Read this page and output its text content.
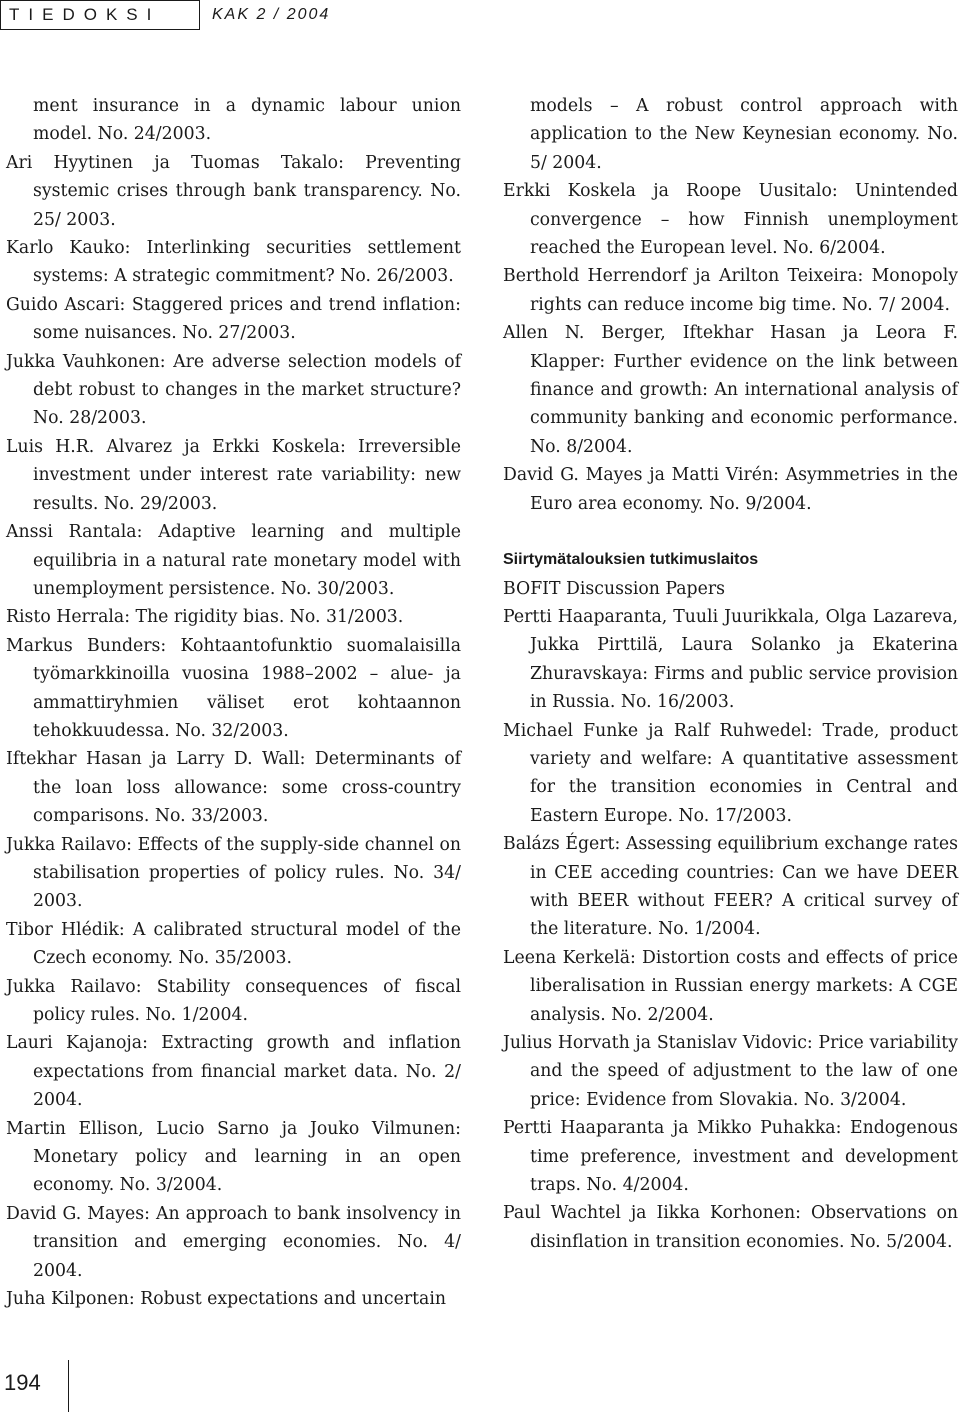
TIEDOKSI	KAK 2 / 2004
ment insurance in a dynamic labour union model. No. 24/2003.
Ari Hyytinen ja Tuomas Takalo: Preventing systemic crises through bank transparency. No. 25/ 2003.
Karlo Kauko: Interlinking securities settlement systems: A strategic commitment? No. 26/2003.
Guido Ascari: Staggered prices and trend inflation: some nuisances. No. 27/2003.
Jukka Vauhkonen: Are adverse selection models of debt robust to changes in the market structure? No. 28/2003.
Luis H.R. Alvarez ja Erkki Koskela: Irreversible investment under interest rate variability: new results. No. 29/2003.
Anssi Rantala: Adaptive learning and multiple equilibria in a natural rate monetary model with unemployment persistence. No. 30/2003.
Risto Herrala: The rigidity bias. No. 31/2003.
Markus Bunders: Kohtaantofunktio suomalaisilla työmarkkinoilla vuosina 1988–2002 – alue- ja ammattiryhmien väliset erot kohtaannon tehokkuudessa. No. 32/2003.
Iftekhar Hasan ja Larry D. Wall: Determinants of the loan loss allowance: some cross-country comparisons. No. 33/2003.
Jukka Railavo: Effects of the supply-side channel on stabilisation properties of policy rules. No. 34/ 2003.
Tibor Hlédik: A calibrated structural model of the Czech economy. No. 35/2003.
Jukka Railavo: Stability consequences of fiscal policy rules. No. 1/2004.
Lauri Kajanoja: Extracting growth and inflation expectations from financial market data. No. 2/ 2004.
Martin Ellison, Lucio Sarno ja Jouko Vilmunen: Monetary policy and learning in an open economy. No. 3/2004.
David G. Mayes: An approach to bank insolvency in transition and emerging economies. No. 4/ 2004.
Juha Kilponen: Robust expectations and uncertain
models – A robust control approach with application to the New Keynesian economy. No. 5/ 2004.
Erkki Koskela ja Roope Uusitalo: Unintended convergence – how Finnish unemployment reached the European level. No. 6/2004.
Berthold Herrendorf ja Arilton Teixeira: Monopoly rights can reduce income big time. No. 7/ 2004.
Allen N. Berger, Iftekhar Hasan ja Leora F. Klapper: Further evidence on the link between finance and growth: An international analysis of community banking and economic performance. No. 8/2004.
David G. Mayes ja Matti Virén: Asymmetries in the Euro area economy. No. 9/2004.
Siirtymätalouksien tutkimuslaitos
BOFIT Discussion Papers
Pertti Haaparanta, Tuuli Juurikkala, Olga Lazareva, Jukka Pirttilä, Laura Solanko ja Ekaterina Zhuravskaya: Firms and public service provision in Russia. No. 16/2003.
Michael Funke ja Ralf Ruhwedel: Trade, product variety and welfare: A quantitative assessment for the transition economies in Central and Eastern Europe. No. 17/2003.
Balázs Égert: Assessing equilibrium exchange rates in CEE acceding countries: Can we have DEER with BEER without FEER? A critical survey of the literature. No. 1/2004.
Leena Kerkelä: Distortion costs and effects of price liberalisation in Russian energy markets: A CGE analysis. No. 2/2004.
Julius Horvath ja Stanislav Vidovic: Price variability and the speed of adjustment to the law of one price: Evidence from Slovakia. No. 3/2004.
Pertti Haaparanta ja Mikko Puhakka: Endogenous time preference, investment and development traps. No. 4/2004.
Paul Wachtel ja Iikka Korhonen: Observations on disinflation in transition economies. No. 5/2004.
194
